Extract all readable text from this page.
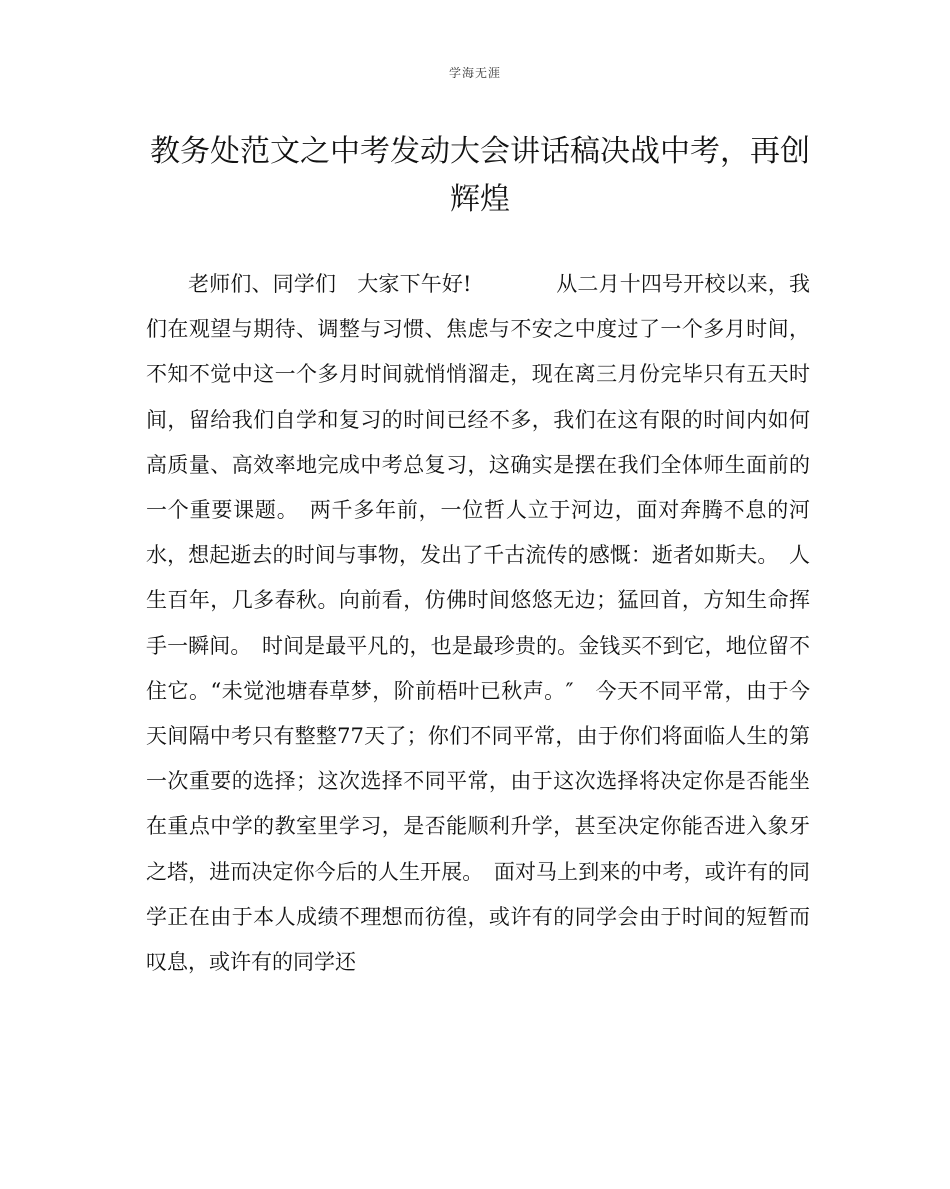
学海无涯
教务处范文之中考发动大会讲话稿决战中考，再创辉煌

老师们、同学们　大家下午好!　　　　从二月十四号开校以来，我们在观望与期待、调整与习惯、焦虑与不安之中度过了一个多月时间，不知不觉中这一个多月时间就悄悄溜走，现在离三月份完毕只有五天时间，留给我们自学和复习的时间已经不多，我们在这有限的时间内如何高质量、高效率地完成中考总复习，这确实是摆在我们全体师生面前的一个重要课题。　两千多年前，一位哲人立于河边，面对奔腾不息的河水，想起逝去的时间与事物，发出了千古流传的感慨：逝者如斯夫。　人生百年，几多春秋。向前看，仿佛时间悠悠无边；猛回首，方知生命挥手一瞬间。　时间是最平凡的，也是最珍贵的。金钱买不到它，地位留不住它。“未觉池塘春草梦，阶前梧叶已秋声。″　今天不同平常，由于今天间隔中考只有整整77天了；你们不同平常，由于你们将面临人生的第一次重要的选择；这次选择不同平常，由于这次选择将决定你是否能坐在重点中学的教室里学习，是否能顺利升学，甚至决定你能否进入象牙之塔，进而决定你今后的人生开展。　面对马上到来的中考，或许有的同学正在由于本人成绩不理想而彷徨，或许有的同学会由于时间的短暂而叹息，或许有的同学还
